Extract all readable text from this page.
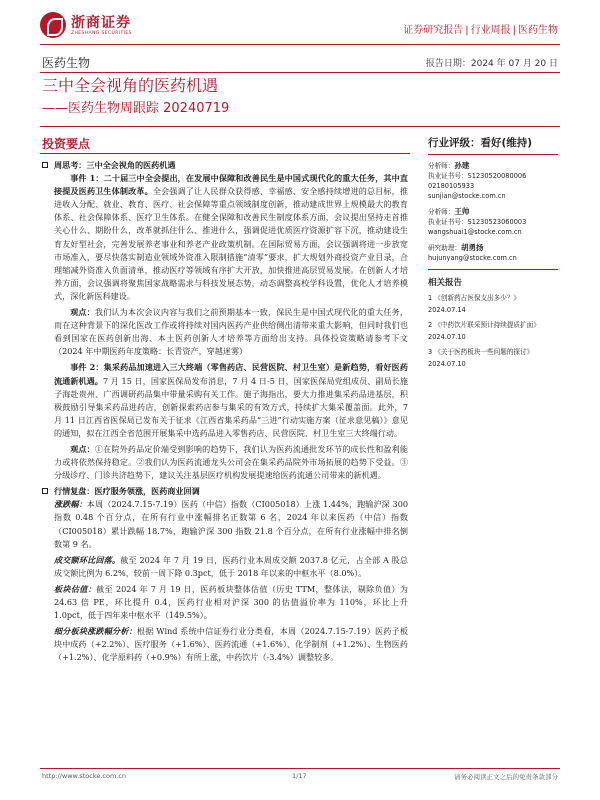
浙商证券
ZHESHANG SECURITIES	证券研究报告 | 行业周报 | 医药生物
医药生物	报告日期：2024 年 07 月 20 日
三中全会视角的医药机遇
——医药生物周跟踪 20240719
投资要点
周思考：三中全会视角的医药机遇

事件 1：二十届三中全会提出，在发展中保障和改善民生是中国式现代化的重大任务，其中直接提及医药卫生体制改革。全会强调了让人民群众获得感、幸福感、安全感持续增进的总目标，推进收入分配、就业、教育、医疗、社会保障等重点领域制度创新，推动建成世界上规模最大的教育体系、社会保障体系、医疗卫生体系。在健全保障和改善民生制度体系方面，会议提出坚持走首推关心什么、期盼什么，改革就抓住什么、推进什么，强调促进优质医疗资源扩容下沉，推动建设生育友好型社会，完善发展养老事业和养老产业政策机制。在国际贸易方面，会议强调将进一步放宽市场准入，要尽快落实制造业领域外资准入限制措施“清零”要求，扩大规划外商投资产业目录，合理缩减外资准入负面清单，推动医疗等领域有序扩大开放，加快推进高层贸易发展。在创新人才培养方面，会议强调将聚焦国家战略需求与科技发展态势，动态调整高校学科设置，优化人才培养模式，深化新医科建设。

观点：我们认为本次会议内容与我们之前预期基本一致，保民生是中国式现代化的重大任务，而在这种背景下的深化医改工作或将持续对国内医药产业供给侧出清带来重大影响，但同时我们也看到国家在医药创新出海、本土医药创新人才培养等方面给出支持。具体投资策略请参考下文（2024 年中期医药年度策略：长青资产，穿越迷雾）

事件 2：集采药品加速进入三大终端（零售药店、民营医院、村卫生室）是新趋势，看好医药流通新机遇。7 月 15 日，国家医保局发布消息，7 月 4 日-5 日，国家医保局党组成员、副局长施子海赴贵州、广西调研药品集中带量采购有关工作。施子海指出，要大力推进集采药品进基层，积极鼓励引导集采药品进药店，创新探索药店参与集采的有效方式，持续扩大集采覆盖面。此外，7 月 11 日江西省医保局已发布关于征求《江西省集采药品“三进”行动实施方案（征求意见稿）》意见的通知，拟在江西全省范围开展集采中选药品进入零售药店、民营医院、村卫生室三大终端行动。

观点：①在院外药品定价端受到影响的趋势下，我们认为医药流通批发环节的成长性和盈利能力或将依然保持稳定。②我们认为医药流通龙头公司会在集采药品院外市场拓展的趋势下受益。③分级诊疗、门诊共济趋势下，建议关注基层医疗机构发展提速给医药流通公司带来的新机遇。

行情复盘：医疗服务领涨，医药商业回调

涨跌幅：本周（2024.7.15-7.19）医药（中信）指数（CI005018）上涨 1.44%，跑输沪深 300 指数 0.48 个百分点，在所有行业中涨幅排名正数第 6 名，2024 年以来医药（中信）指数（CI005018）累计跌幅 18.7%，跑输沪深 300 指数 21.8 个百分点，在所有行业涨幅中排名倒数第 9 名。

成交额环比回落。截至 2024 年 7 月 19 日，医药行业本周成交额 2037.8 亿元，占全部 A 股总成交额比例为 6.2%，较前一周下降 0.3pct，低于 2018 年以来的中枢水平（8.0%）。

板块估值：截至 2024 年 7 月 19 日，医药板块整体估值（历史 TTM，整体法，剔除负值）为 24.63 倍 PE，环比提升 0.4，医药行业相对沪深 300 的估值溢价率为 110%，环比上升 1.0pct，低于四年来中枢水平（149.5%）。

细分板块涨跌幅分析：根据 Wind 系统中信证券行业分类看，本周（2024.7.15-7.19）医药子板块中成药（+2.2%）、医疗服务（+1.6%）、医药流通（+1.6%）、化学制剂（+1.2%）、生物医药（+1.2%）、化学原料药（+0.9%）有所上涨，中药饮片（-3.4%）调整较多。

行业评级：看好(维持)
分析师：孙建
执业证书号：S1230520080006
02180105933
sunjian@stocke.com.cn
分析师：王帅
执业证书号：S1230523060003
wangshuai1@stocke.com.cn
研究助理：胡勇扬
hujunyang@stocke.com.cn
相关报告
1 《创新药占医保支出多少？》
2024.07.14
2 《中药饮片联采预计持续提质扩面》
2024.07.10
3 《关于医药板块一些问题的探讨》
2024.07.10
http://www.stocke.com.cn	1/17	请务必阅读正文之后的免责条款部分
